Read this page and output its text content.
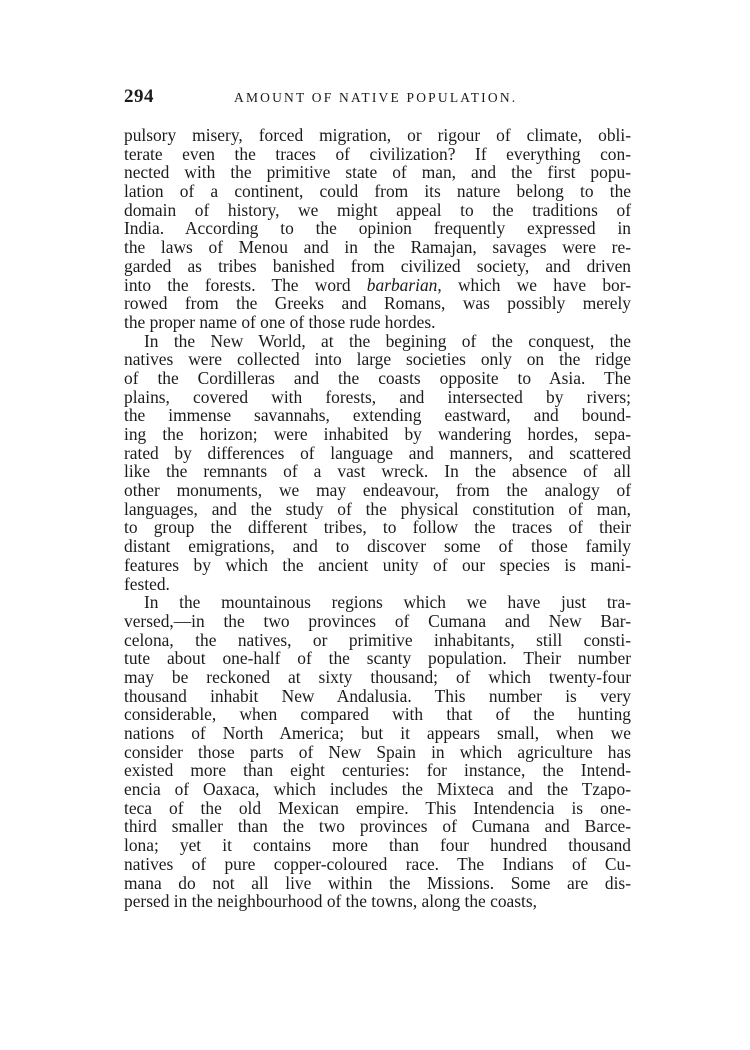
294	AMOUNT OF NATIVE POPULATION.
pulsory misery, forced migration, or rigour of climate, obli-
terate even the traces of civilization? If everything con-
nected with the primitive state of man, and the first popu-
lation of a continent, could from its nature belong to the
domain of history, we might appeal to the traditions of
India. According to the opinion frequently expressed in
the laws of Menou and in the Ramajan, savages were re-
garded as tribes banished from civilized society, and driven
into the forests. The word barbarian, which we have bor-
rowed from the Greeks and Romans, was possibly merely
the proper name of one of those rude hordes.
In the New World, at the begining of the conquest, the
natives were collected into large societies only on the ridge
of the Cordilleras and the coasts opposite to Asia. The
plains, covered with forests, and intersected by rivers;
the immense savannahs, extending eastward, and bound-
ing the horizon; were inhabited by wandering hordes, sepa-
rated by differences of language and manners, and scattered
like the remnants of a vast wreck. In the absence of all
other monuments, we may endeavour, from the analogy of
languages, and the study of the physical constitution of man,
to group the different tribes, to follow the traces of their
distant emigrations, and to discover some of those family
features by which the ancient unity of our species is mani-
fested.
In the mountainous regions which we have just tra-
versed,—in the two provinces of Cumana and New Bar-
celona, the natives, or primitive inhabitants, still consti-
tute about one-half of the scanty population. Their number
may be reckoned at sixty thousand; of which twenty-four
thousand inhabit New Andalusia. This number is very
considerable, when compared with that of the hunting
nations of North America; but it appears small, when we
consider those parts of New Spain in which agriculture has
existed more than eight centuries: for instance, the Intend-
encia of Oaxaca, which includes the Mixteca and the Tzapo-
teca of the old Mexican empire. This Intendencia is one-
third smaller than the two provinces of Cumana and Barce-
lona; yet it contains more than four hundred thousand
natives of pure copper-coloured race. The Indians of Cu-
mana do not all live within the Missions. Some are dis-
persed in the neighbourhood of the towns, along the coasts,
